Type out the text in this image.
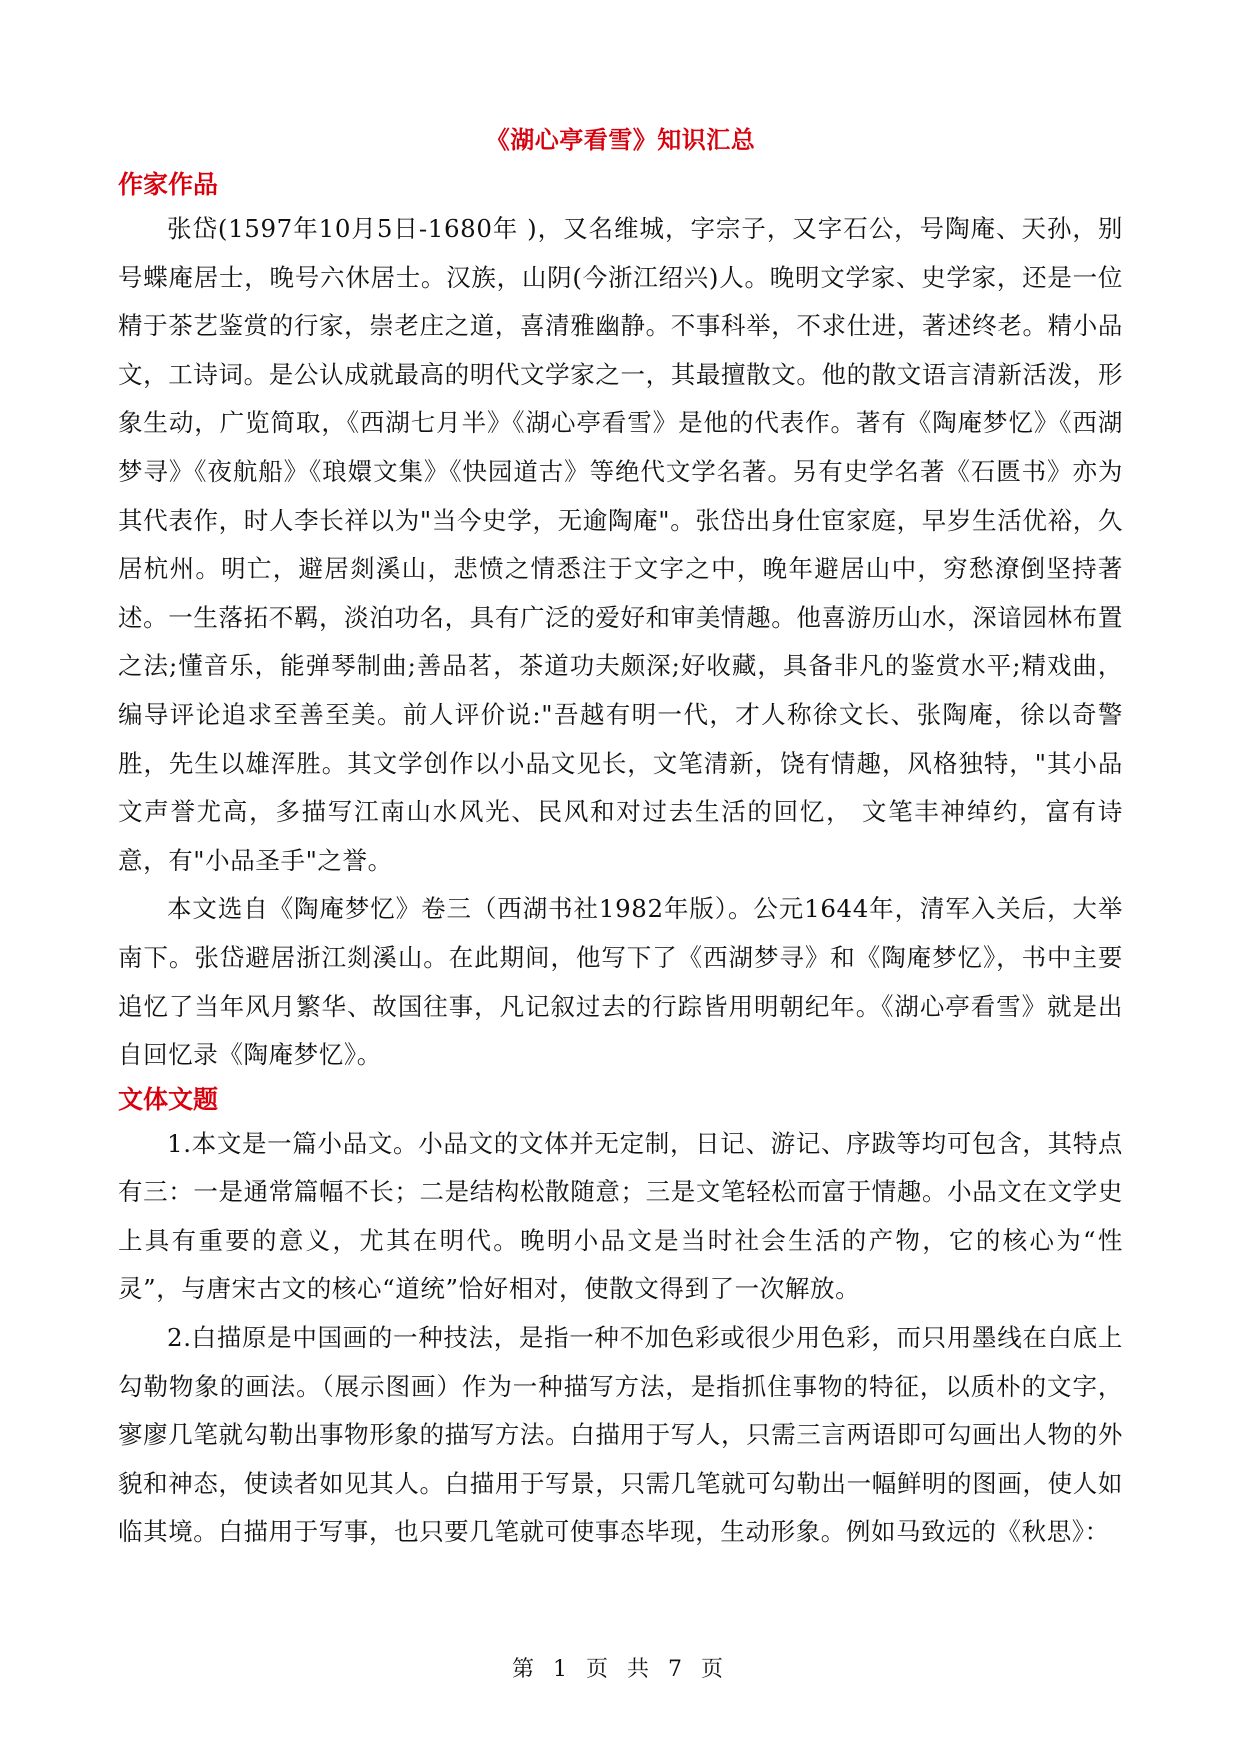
《湖心亭看雪》知识汇总
作家作品

张岱(1597年10月5日-1680年 )，又名维城，字宗子，又字石公，号陶庵、天孙，别号蝶庵居士，晚号六休居士。汉族，山阴(今浙江绍兴)人。晚明文学家、史学家，还是一位精于茶艺鉴赏的行家，崇老庄之道，喜清雅幽静。不事科举，不求仕进，著述终老。精小品文，工诗词。是公认成就最高的明代文学家之一，其最擅散文。他的散文语言清新活泼，形象生动，广览简取，《西湖七月半》《湖心亭看雪》是他的代表作。著有《陶庵梦忆》《西湖梦寻》《夜航船》《琅嬛文集》《快园道古》等绝代文学名著。另有史学名著《石匮书》亦为其代表作，时人李长祥以为"当今史学，无逾陶庵"。张岱出身仕宦家庭，早岁生活优裕，久居杭州。明亡，避居剡溪山，悲愤之情悉注于文字之中，晚年避居山中，穷愁潦倒坚持著述。一生落拓不羁，淡泊功名，具有广泛的爱好和审美情趣。他喜游历山水，深谙园林布置之法;懂音乐，能弹琴制曲;善品茗，茶道功夫颇深;好收藏，具备非凡的鉴赏水平;精戏曲，编导评论追求至善至美。前人评价说:"吾越有明一代，才人称徐文长、张陶庵，徐以奇警胜，先生以雄浑胜。其文学创作以小品文见长，文笔清新，饶有情趣，风格独特，"其小品文声誉尤高，多描写江南山水风光、民风和对过去生活的回忆， 文笔丰神绰约，富有诗意，有"小品圣手"之誉。

本文选自《陶庵梦忆》卷三（西湖书社1982年版）。公元1644年，清军入关后，大举南下。张岱避居浙江剡溪山。在此期间，他写下了《西湖梦寻》和《陶庵梦忆》，书中主要追忆了当年风月繁华、故国往事，凡记叙过去的行踪皆用明朝纪年。《湖心亭看雪》就是出自回忆录《陶庵梦忆》。

文体文题

1.本文是一篇小品文。小品文的文体并无定制，日记、游记、序跋等均可包含，其特点有三：一是通常篇幅不长；二是结构松散随意；三是文笔轻松而富于情趣。小品文在文学史上具有重要的意义，尤其在明代。晚明小品文是当时社会生活的产物，它的核心为“性灵”，与唐宋古文的核心“道统”恰好相对，使散文得到了一次解放。

2.白描原是中国画的一种技法，是指一种不加色彩或很少用色彩，而只用墨线在白底上勾勒物象的画法。（展示图画）作为一种描写方法，是指抓住事物的特征，以质朴的文字，寥廖几笔就勾勒出事物形象的描写方法。白描用于写人，只需三言两语即可勾画出人物的外貌和神态，使读者如见其人。白描用于写景，只需几笔就可勾勒出一幅鲜明的图画，使人如临其境。白描用于写事，也只要几笔就可使事态毕现，生动形象。例如马致远的《秋思》：

第 1 页 共 7 页
